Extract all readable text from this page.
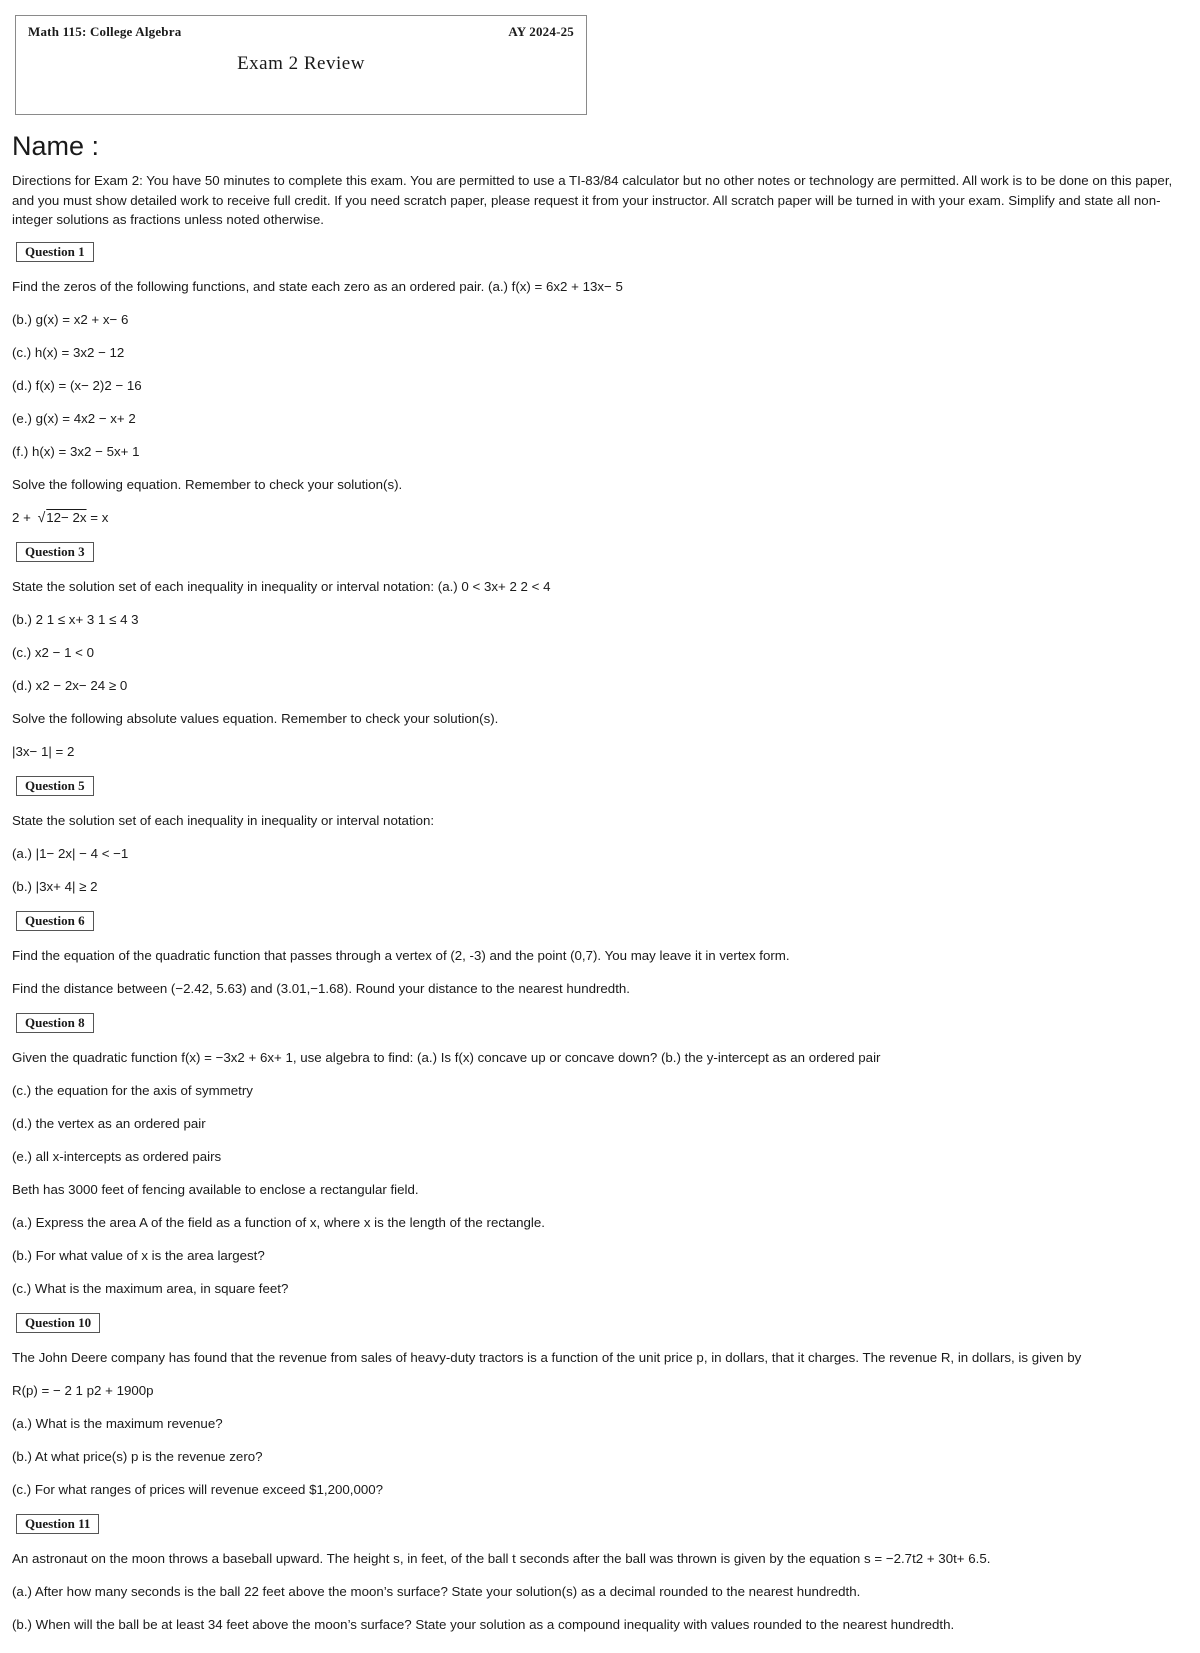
Math 115: College Algebra	AY 2024-25
Exam 2 Review
Name :

Directions for Exam 2: You have 50 minutes to complete this exam. You are permitted to use a TI-83/84 calculator but no other notes or technology are permitted. All work is to be done on this paper, and you must show detailed work to receive full credit. If you need scratch paper, please request it from your instructor. All scratch paper will be turned in with your exam. Simplify and state all non-integer solutions as fractions unless noted otherwise.

Question 1

Find the zeros of the following functions, and state each zero as an ordered pair. (a.) f(x) = 6x2 + 13x− 5

(b.) g(x) = x2 + x− 6

(c.) h(x) = 3x2 − 12

(d.) f(x) = (x− 2)2 − 16

(e.) g(x) = 4x2 − x+ 2

(f.) h(x) = 3x2 − 5x+ 1

Solve the following equation. Remember to check your solution(s).

2 + √12− 2x = x

Question 3

State the solution set of each inequality in inequality or interval notation: (a.) 0 < 3x+ 2 2 < 4

(b.) 2 1 ≤ x+ 3 1 ≤ 4 3

(c.) x2 − 1 < 0

(d.) x2 − 2x− 24 ≥ 0

Solve the following absolute values equation. Remember to check your solution(s).

|3x− 1| = 2

Question 5

State the solution set of each inequality in inequality or interval notation:

(a.) |1− 2x| − 4 < −1

(b.) |3x+ 4| ≥ 2

Question 6

Find the equation of the quadratic function that passes through a vertex of (2, -3) and the point (0,7). You may leave it in vertex form.

Find the distance between (−2.42, 5.63) and (3.01,−1.68). Round your distance to the nearest hundredth.

Question 8

Given the quadratic function f(x) = −3x2 + 6x+ 1, use algebra to find: (a.) Is f(x) concave up or concave down? (b.) the y-intercept as an ordered pair

(c.) the equation for the axis of symmetry

(d.) the vertex as an ordered pair

(e.) all x-intercepts as ordered pairs

Beth has 3000 feet of fencing available to enclose a rectangular field.

(a.) Express the area A of the field as a function of x, where x is the length of the rectangle.

(b.) For what value of x is the area largest?

(c.) What is the maximum area, in square feet?

Question 10

The John Deere company has found that the revenue from sales of heavy-duty tractors is a function of the unit price p, in dollars, that it charges. The revenue R, in dollars, is given by

R(p) = − 2 1 p2 + 1900p

(a.) What is the maximum revenue?

(b.) At what price(s) p is the revenue zero?

(c.) For what ranges of prices will revenue exceed $1,200,000?

Question 11

An astronaut on the moon throws a baseball upward. The height s, in feet, of the ball t seconds after the ball was thrown is given by the equation s = −2.7t2 + 30t+ 6.5.

(a.) After how many seconds is the ball 22 feet above the moon’s surface? State your solution(s) as a decimal rounded to the nearest hundredth.

(b.) When will the ball be at least 34 feet above the moon’s surface? State your solution as a compound inequality with values rounded to the nearest hundredth.
